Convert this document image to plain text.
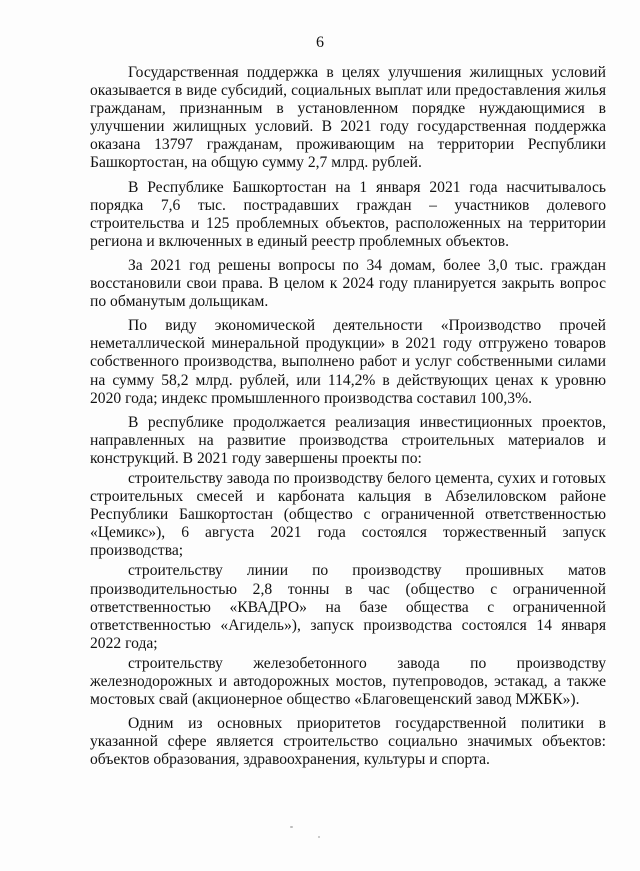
6

Государственная поддержка в целях улучшения жилищных условий оказывается в виде субсидий, социальных выплат или предоставления жилья гражданам, признанным в установленном порядке нуждающимися в улучшении жилищных условий. В 2021 году государственная поддержка оказана 13797 гражданам, проживающим на территории Республики Башкортостан, на общую сумму 2,7 млрд. рублей.

В Республике Башкортостан на 1 января 2021 года насчитывалось порядка 7,6 тыс. пострадавших граждан – участников долевого строительства и 125 проблемных объектов, расположенных на территории региона и включенных в единый реестр проблемных объектов.

За 2021 год решены вопросы по 34 домам, более 3,0 тыс. граждан восстановили свои права. В целом к 2024 году планируется закрыть вопрос по обманутым дольщикам.

По виду экономической деятельности «Производство прочей неметаллической минеральной продукции» в 2021 году отгружено товаров собственного производства, выполнено работ и услуг собственными силами на сумму 58,2 млрд. рублей, или 114,2% в действующих ценах к уровню 2020 года; индекс промышленного производства составил 100,3%.

В республике продолжается реализация инвестиционных проектов, направленных на развитие производства строительных материалов и конструкций. В 2021 году завершены проекты по:

строительству завода по производству белого цемента, сухих и готовых строительных смесей и карбоната кальция в Абзелиловском районе Республики Башкортостан (общество с ограниченной ответственностью «Цемикс»), 6 августа 2021 года состоялся торжественный запуск производства;

строительству линии по производству прошивных матов производительностью 2,8 тонны в час (общество с ограниченной ответственностью «КВАДРО» на базе общества с ограниченной ответственностью «Агидель»), запуск производства состоялся 14 января 2022 года;

строительству железобетонного завода по производству железнодорожных и автодорожных мостов, путепроводов, эстакад, а также мостовых свай (акционерное общество «Благовещенский завод МЖБК»).

Одним из основных приоритетов государственной политики в указанной сфере является строительство социально значимых объектов: объектов образования, здравоохранения, культуры и спорта.
